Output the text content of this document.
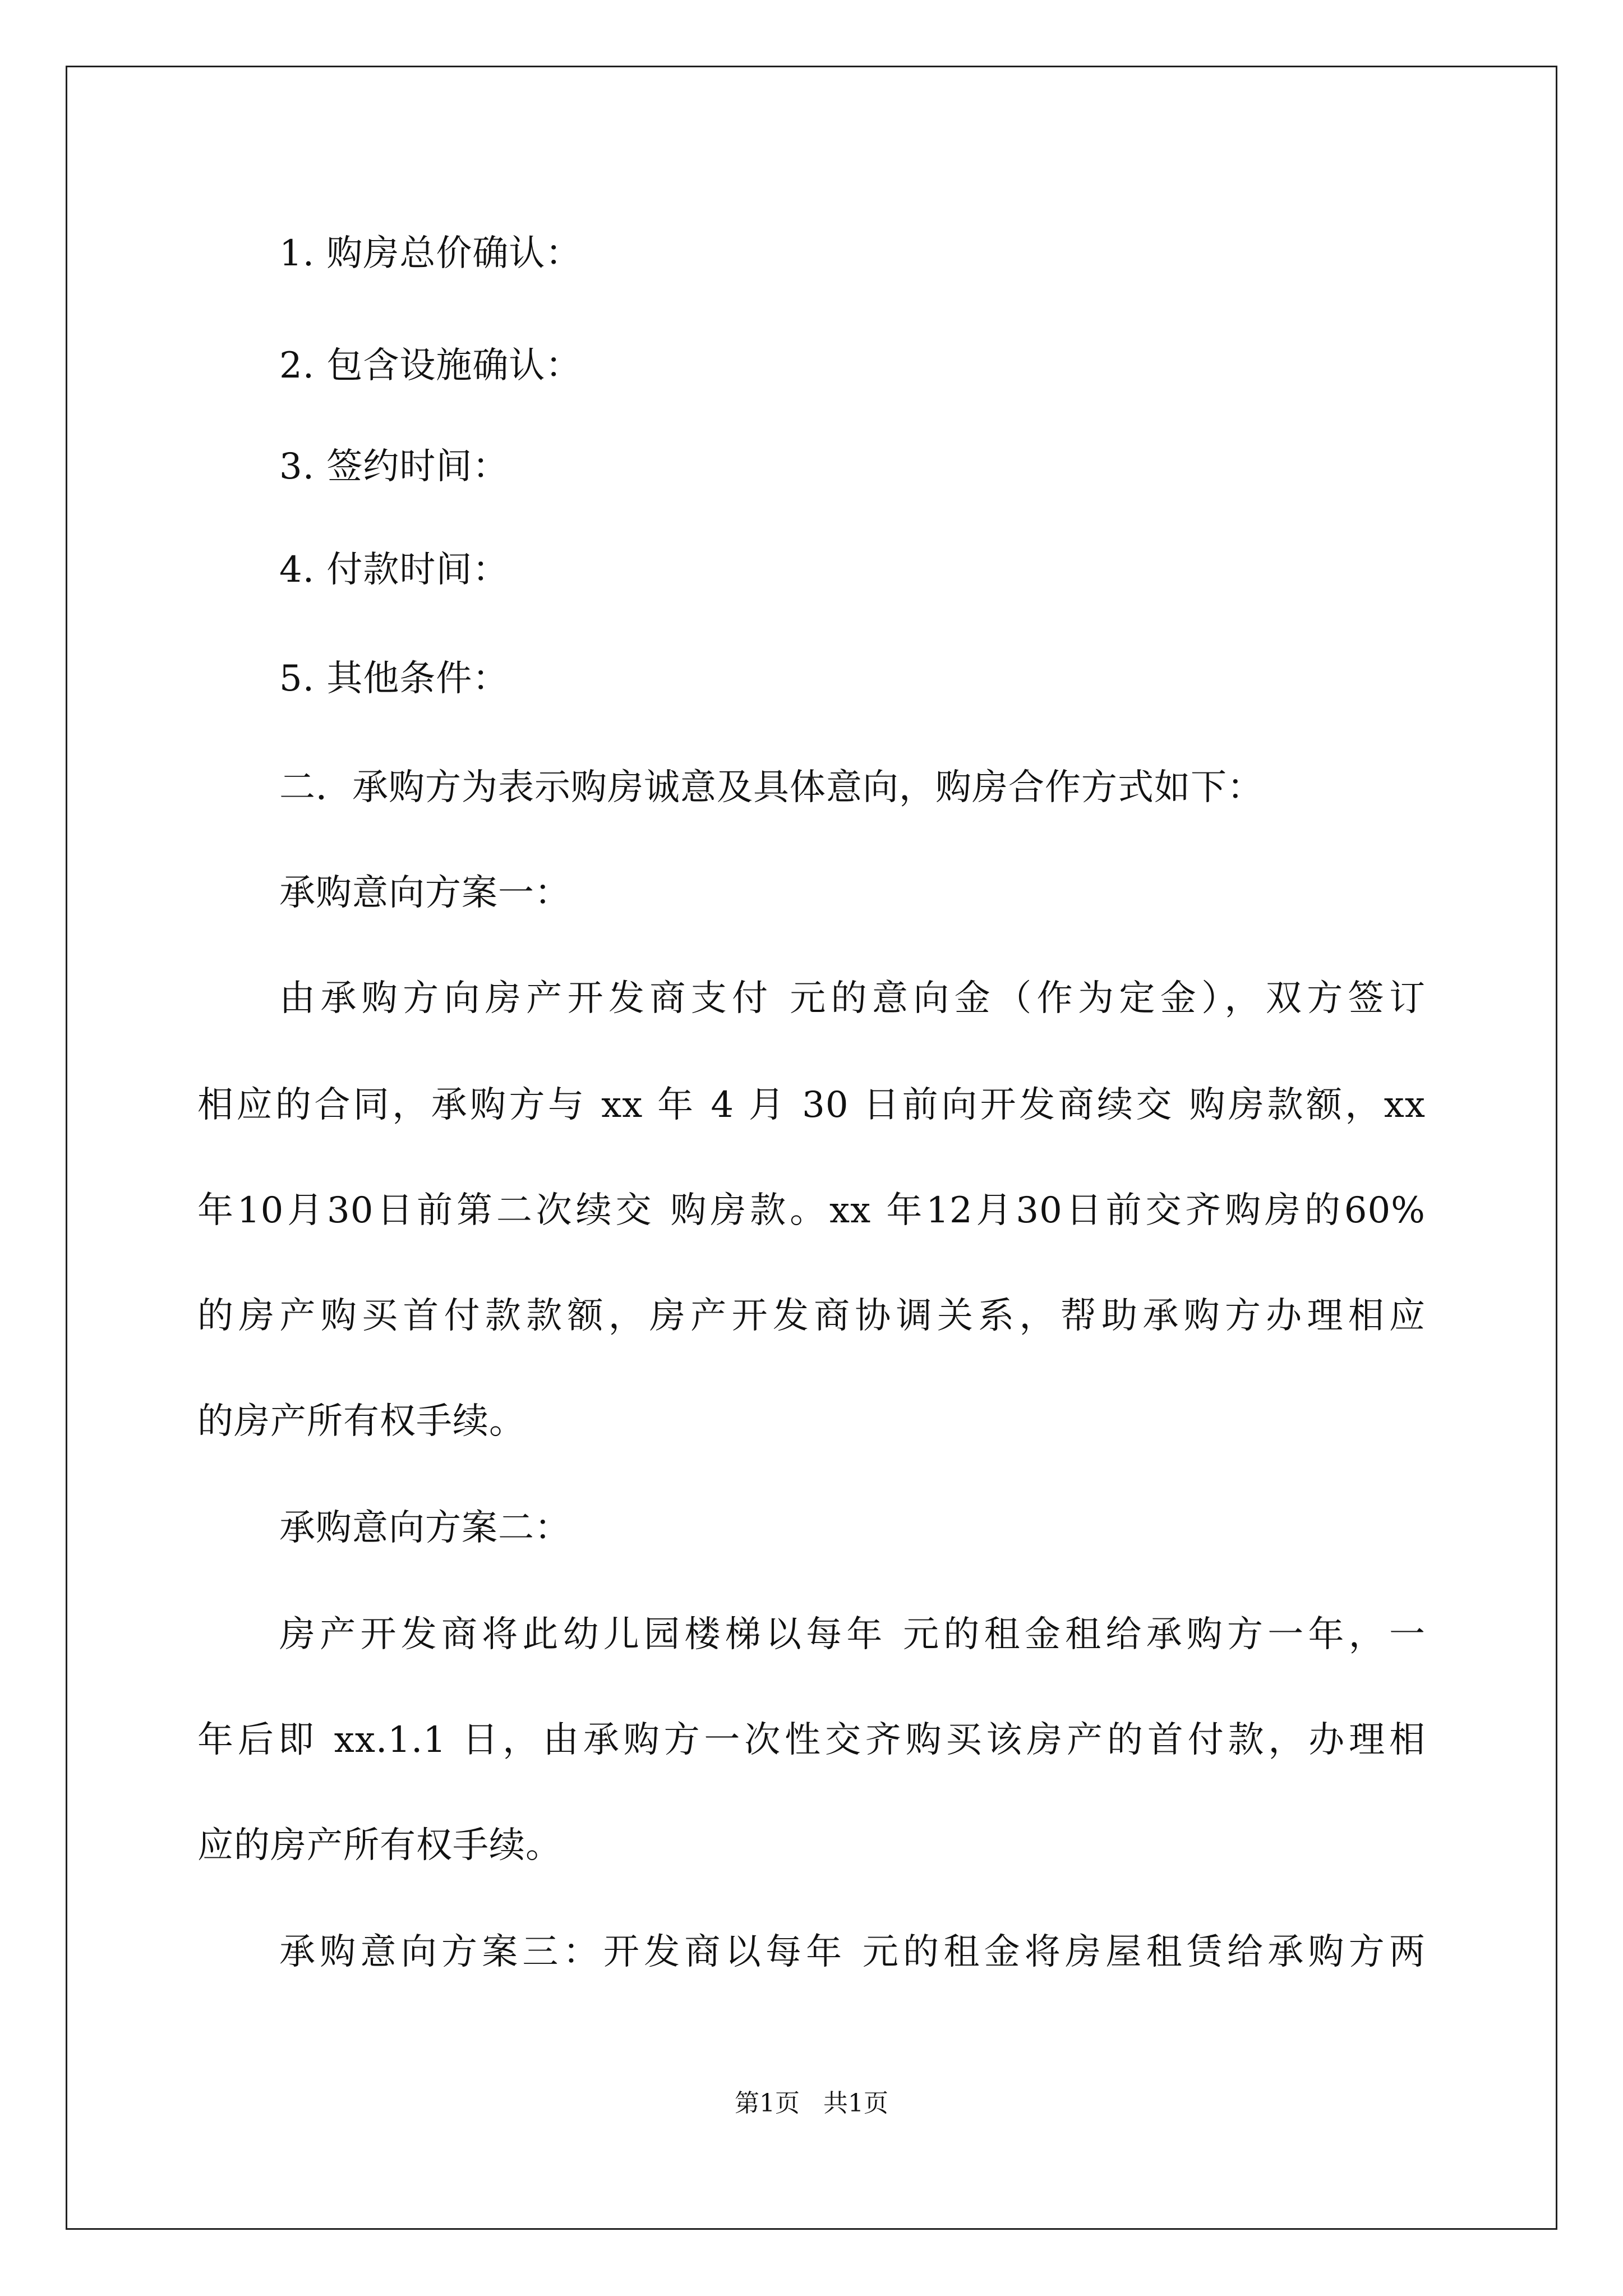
1. 购房总价确认：
2. 包含设施确认：
3. 签约时间：
4. 付款时间：
5. 其他条件：
二．承购方为表示购房诚意及具体意向，购房合作方式如下：
承购意向方案一：
由承购方向房产开发商支付 元的意向金（作为定金），双方签订
相应的合同，承购方与 xx 年 4 月 30 日前向开发商续交 购房款额，xx
年10月30日前第二次续交 购房款。xx 年12月30日前交齐购房的60%
的房产购买首付款款额，房产开发商协调关系，帮助承购方办理相应
的房产所有权手续。
承购意向方案二：
房产开发商将此幼儿园楼梯以每年 元的租金租给承购方一年，一
年后即 xx.1.1 日，由承购方一次性交齐购买该房产的首付款，办理相
应的房产所有权手续。
承购意向方案三：开发商以每年 元的租金将房屋租赁给承购方两
第1页   共1页
